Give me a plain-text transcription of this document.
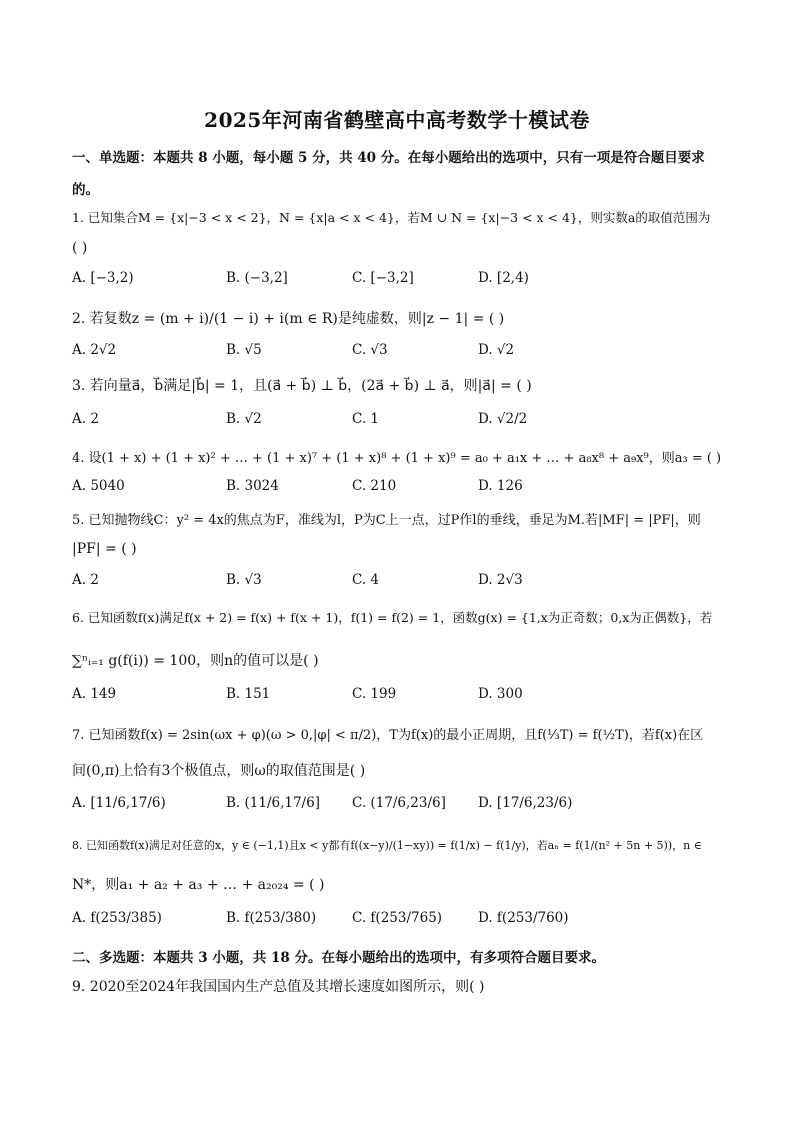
2025年河南省鹤壁高中高考数学十模试卷
一、单选题：本题共 8 小题，每小题 5 分，共 40 分。在每小题给出的选项中，只有一项是符合题目要求
的。
1. 已知集合M = {x|−3 < x < 2}，N = {x|a < x < 4}，若M ∪ N = {x|−3 < x < 4}，则实数a的取值范围为
( )
A. [−3,2)	B. (−3,2]	C. [−3,2]	D. [2,4)
2. 若复数z = (m + i)/(1 − i) + i(m ∈ R)是纯虚数，则|z − 1| = ( )
A. 2√2	B. √5	C. √3	D. √2
3. 若向量a⃗，b⃗满足|b⃗| = 1，且(a⃗ + b⃗) ⊥ b⃗，(2a⃗ + b⃗) ⊥ a⃗，则|a⃗| = ( )
A. 2	B. √2	C. 1	D. √2/2
4. 设(1 + x) + (1 + x)² + … + (1 + x)⁷ + (1 + x)⁸ + (1 + x)⁹ = a₀ + a₁x + … + a₈x⁸ + a₉x⁹，则a₃ = ( )
A. 5040	B. 3024	C. 210	D. 126
5. 已知抛物线C：y² = 4x的焦点为F，准线为l，P为C上一点，过P作l的垂线，垂足为M.若|MF| = |PF|，则
|PF| = ( )
A. 2	B. √3	C. 4	D. 2√3
6. 已知函数f(x)满足f(x + 2) = f(x) + f(x + 1)，f(1) = f(2) = 1，函数g(x) = {1,x为正奇数；0,x为正偶数}，若
∑ⁿᵢ₌₁ g(f(i)) = 100，则n的值可以是( )
A. 149	B. 151	C. 199	D. 300
7. 已知函数f(x) = 2sin(ωx + φ)(ω > 0,|φ| < π/2)，T为f(x)的最小正周期，且f(⅓T) = f(½T)，若f(x)在区
间(0,π)上恰有3个极值点，则ω的取值范围是( )
A. [11/6,17/6)	B. (11/6,17/6] C. (17/6,23/6] D. [17/6,23/6)
8. 已知函数f(x)满足对任意的x，y ∈ (−1,1)且x < y都有f((x−y)/(1−xy)) = f(1/x) − f(1/y)，若aₙ = f(1/(n² + 5n + 5))，n ∈
N*，则a₁ + a₂ + a₃ + … + a₂₀₂₄ = ( )
A. f(253/385)	B. f(253/380)	C. f(253/765)	D. f(253/760)
二、多选题：本题共 3 小题，共 18 分。在每小题给出的选项中，有多项符合题目要求。
9. 2020至2024年我国国内生产总值及其增长速度如图所示，则( )
